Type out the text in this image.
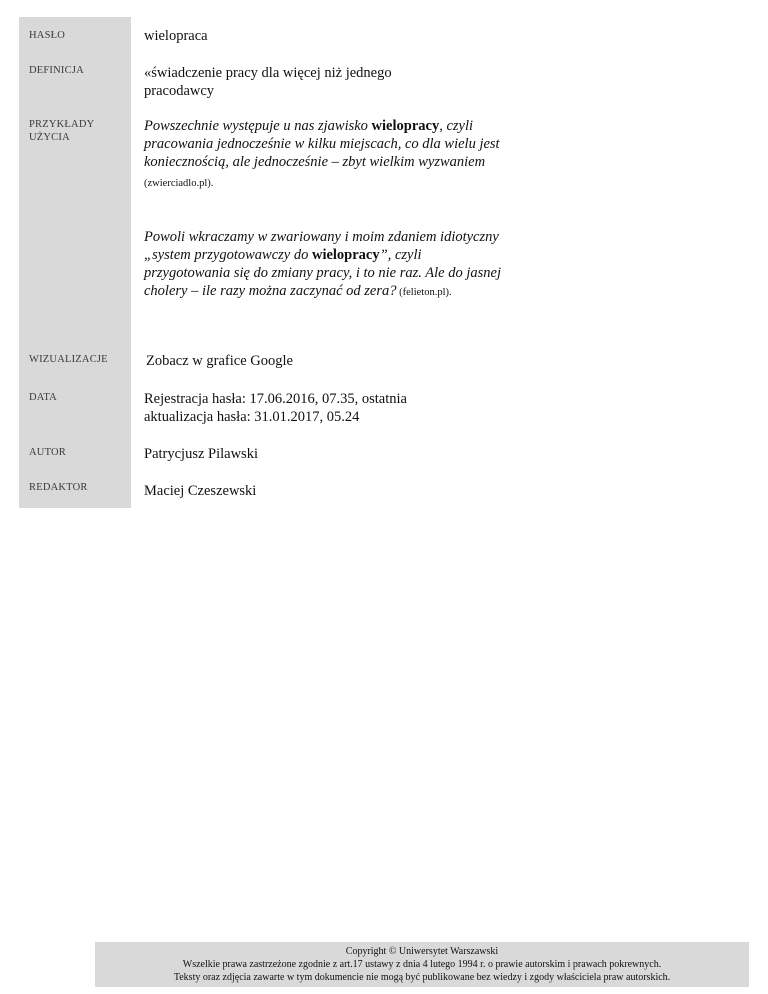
HASŁO
DEFINICJA
PRZYKŁADY
UŻYCIA
WIZUALIZACJE
DATA
AUTOR
REDAKTOR
wielopraca
«świadczenie pracy dla więcej niż jednego
pracodawcy
Powszechnie występuje u nas zjawisko wielopracy, czyli pracowania jednocześnie w kilku miejscach, co dla wielu jest koniecznością, ale jednocześnie – zbyt wielkim wyzwaniem (zwierciadlo.pl).
Powoli wkraczamy w zwariowany i moim zdaniem idiotyczny „system przygotowawczy do wielopracy”, czyli przygotowania się do zmiany pracy, i to nie raz. Ale do jasnej cholery – ile razy można zaczynać od zera? (felieton.pl).
Zobacz w grafice Google
Rejestracja hasła: 17.06.2016, 07.35, ostatnia
aktualizacja hasła: 31.01.2017, 05.24
Patrycjusz Pilawski
Maciej Czeszewski
Copyright © Uniwersytet Warszawski
Wszelkie prawa zastrzeżone zgodnie z art.17 ustawy z dnia 4 lutego 1994 r. o prawie autorskim i prawach pokrewnych.
Teksty oraz zdjęcia zawarte w tym dokumencie nie mogą być publikowane bez wiedzy i zgody właściciela praw autorskich.
